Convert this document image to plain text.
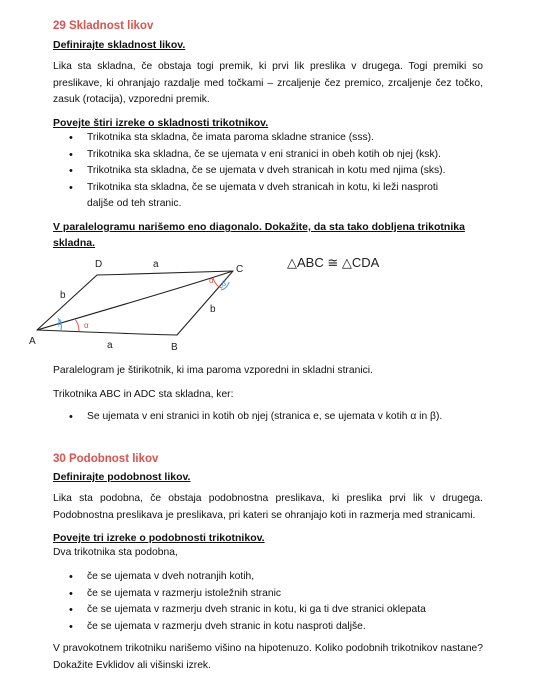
29 Skladnost likov
Definirajte skladnost likov.
Lika sta skladna, če obstaja togi premik, ki prvi lik preslika v drugega. Togi premiki so preslikave, ki ohranjajo razdalje med točkami – zrcaljenje čez premico, zrcaljenje čez točko, zasuk (rotacija), vzporedni premik.
Povejte štiri izreke o skladnosti trikotnikov.
• Trikotnika sta skladna, če imata paroma skladne stranice (sss).
• Trikotnika ska skladna, če se ujemata v eni stranici in obeh kotih ob njej (ksk).
• Trikotnika sta skladna, če se ujemata v dveh stranicah in kotu med njima (sks).
• Trikotnika sta skladna, če se ujemata v dveh stranicah in kotu, ki leži nasproti daljše od teh stranic.
V paralelogramu narišemo eno diagonalo. Dokažite, da sta tako dobljena trikotnika skladna.
A
B
C
D	a
a
b
b
α β
β	α
△ABC ≅ △CDA
Paralelogram je štirikotnik, ki ima paroma vzporedni in skladni stranici.
Trikotnika ABC in ADC sta skladna, ker:
• Se ujemata v eni stranici in kotih ob njej (stranica e, se ujemata v kotih α in β).
30 Podobnost likov
Definirajte podobnost likov.
Lika sta podobna, če obstaja podobnostna preslikava, ki preslika prvi lik v drugega. Podobnostna preslikava je preslikava, pri kateri se ohranjajo koti in razmerja med stranicami.
Povejte tri izreke o podobnosti trikotnikov.
Dva trikotnika sta podobna,
• če se ujemata v dveh notranjih kotih,
• če se ujemata v razmerju istoležnih stranic
• če se ujemata v razmerju dveh stranic in kotu, ki ga ti dve stranici oklepata
• če se ujemata v razmerju dveh stranic in kotu nasproti daljše.
V pravokotnem trikotniku narišemo višino na hipotenuzo. Koliko podobnih trikotnikov nastane? Dokažite Evklidov ali višinski izrek.
